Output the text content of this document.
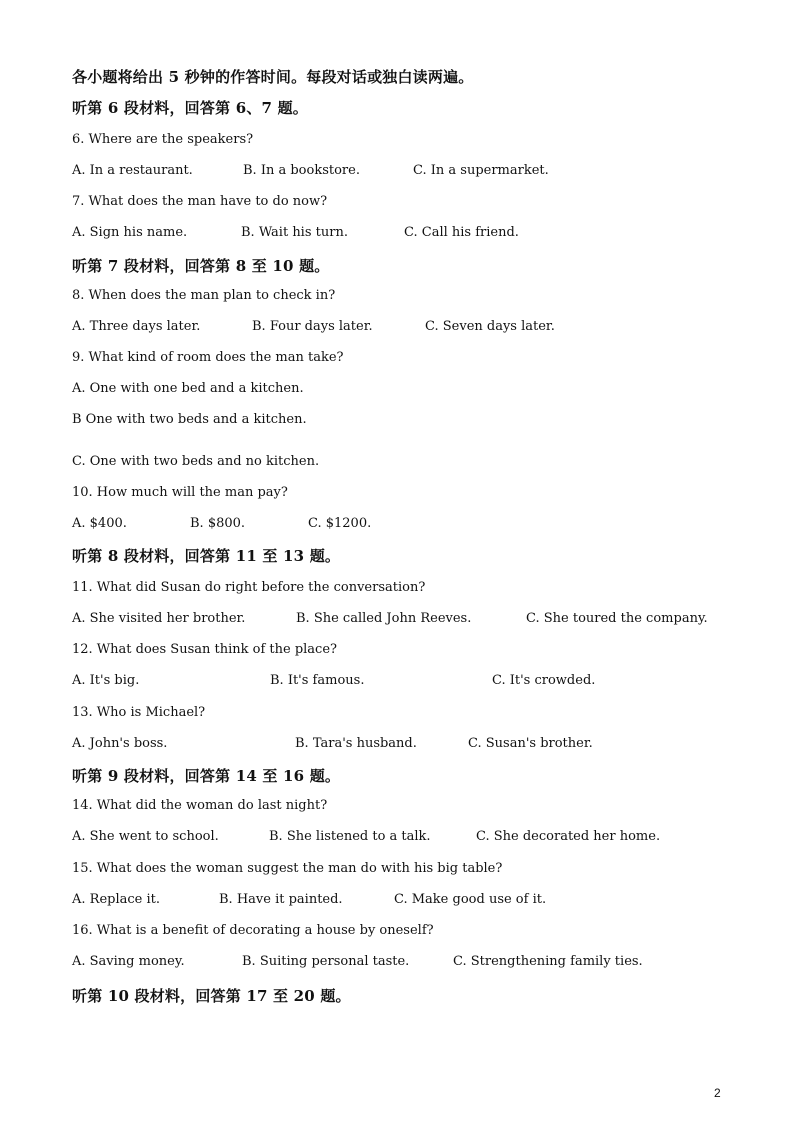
各小题将给出 5 秒钟的作答时间。每段对话或独白读两遍。
听第 6 段材料，回答第 6、7 题。
6. Where are the speakers?
A. In a restaurant.	B. In a bookstore.	C. In a supermarket.
7. What does the man have to do now?
A. Sign his name.	B. Wait his turn.	C. Call his friend.
听第 7 段材料，回答第 8 至 10 题。
8. When does the man plan to check in?
A. Three days later.	B. Four days later.	C. Seven days later.
9. What kind of room does the man take?
A. One with one bed and a kitchen.
B One with two beds and a kitchen.
C. One with two beds and no kitchen.
10. How much will the man pay?
A. $400.	B. $800.	C. $1200.
听第 8 段材料，回答第 11 至 13 题。
11. What did Susan do right before the conversation?
A. She visited her brother.	B. She called John Reeves.	C. She toured the company.
12. What does Susan think of the place?
A. It's big.	B. It's famous.	C. It's crowded.
13. Who is Michael?
A. John's boss.	B. Tara's husband.	C. Susan's brother.
听第 9 段材料，回答第 14 至 16 题。
14. What did the woman do last night?
A. She went to school.	B. She listened to a talk.	C. She decorated her home.
15. What does the woman suggest the man do with his big table?
A. Replace it.	B. Have it painted.	C. Make good use of it.
16. What is a benefit of decorating a house by oneself?
A. Saving money.	B. Suiting personal taste.	C. Strengthening family ties.
听第 10 段材料，回答第 17 至 20 题。
2
